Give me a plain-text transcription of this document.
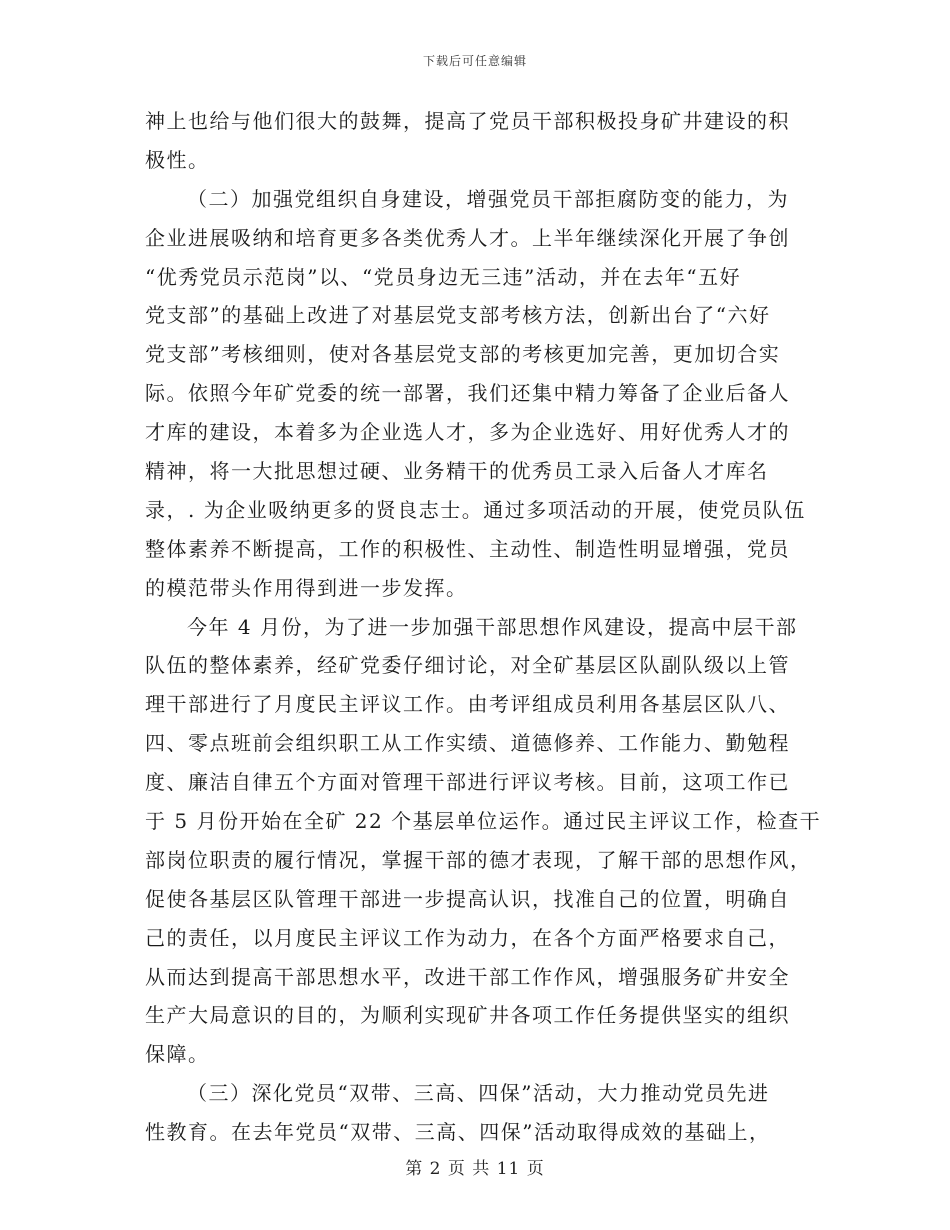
下载后可任意编辑
神上也给与他们很大的鼓舞，提高了党员干部积极投身矿井建设的积
极性。
（二）加强党组织自身建设，增强党员干部拒腐防变的能力，为
企业进展吸纳和培育更多各类优秀人才。上半年继续深化开展了争创
“优秀党员示范岗”以、“党员身边无三违”活动，并在去年“五好
党支部”的基础上改进了对基层党支部考核方法，创新出台了“六好
党支部”考核细则，使对各基层党支部的考核更加完善，更加切合实
际。依照今年矿党委的统一部署，我们还集中精力筹备了企业后备人
才库的建设，本着多为企业选人才，多为企业选好、用好优秀人才的
精神，将一大批思想过硬、业务精干的优秀员工录入后备人才库名
录，. 为企业吸纳更多的贤良志士。通过多项活动的开展，使党员队伍
整体素养不断提高，工作的积极性、主动性、制造性明显增强，党员
的模范带头作用得到进一步发挥。
今年 4 月份，为了进一步加强干部思想作风建设，提高中层干部
队伍的整体素养，经矿党委仔细讨论，对全矿基层区队副队级以上管
理干部进行了月度民主评议工作。由考评组成员利用各基层区队八、
四、零点班前会组织职工从工作实绩、道德修养、工作能力、勤勉程
度、廉洁自律五个方面对管理干部进行评议考核。目前，这项工作已
于 5 月份开始在全矿 22 个基层单位运作。通过民主评议工作，检查干
部岗位职责的履行情况，掌握干部的德才表现，了解干部的思想作风，
促使各基层区队管理干部进一步提高认识，找准自己的位置，明确自
己的责任，以月度民主评议工作为动力，在各个方面严格要求自己，
从而达到提高干部思想水平，改进干部工作作风，增强服务矿井安全
生产大局意识的目的，为顺利实现矿井各项工作任务提供坚实的组织
保障。
（三）深化党员“双带、三高、四保”活动，大力推动党员先进
性教育。在去年党员“双带、三高、四保”活动取得成效的基础上，
第 2 页 共 11 页
